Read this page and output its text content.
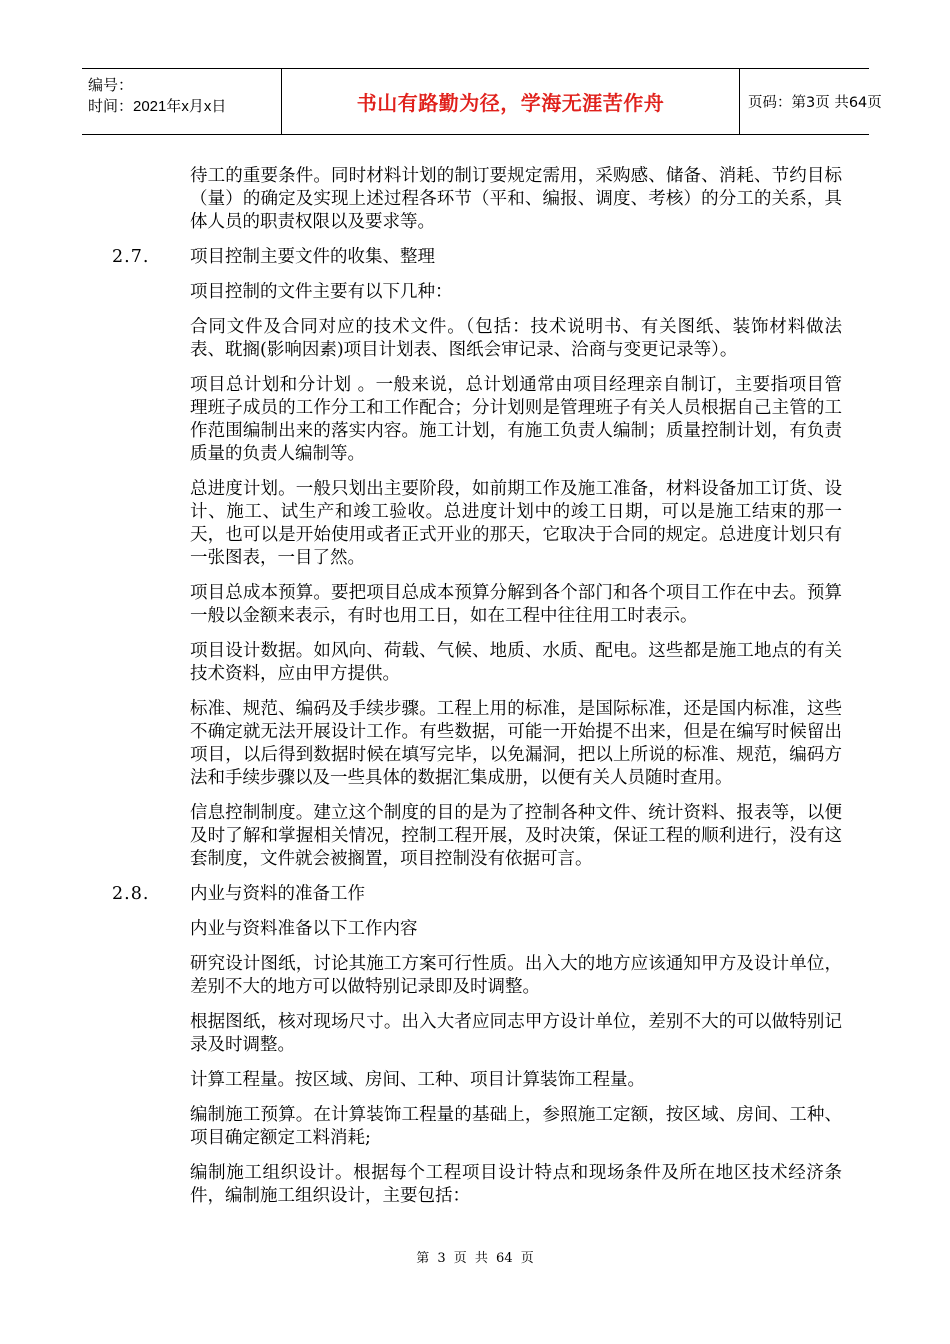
编号：
时间：2021年x月x日	书山有路勤为径，学海无涯苦作舟	页码：第3页 共64页

待工的重要条件。同时材料计划的制订要规定需用，采购感、储备、消耗、节约目标（量）的确定及实现上述过程各环节（平和、编报、调度、考核）的分工的关系，具体人员的职责权限以及要求等。

2.7.	项目控制主要文件的收集、整理

项目控制的文件主要有以下几种：

合同文件及合同对应的技术文件。（包括：技术说明书、有关图纸、装饰材料做法表、耽搁(影响因素)项目计划表、图纸会审记录、洽商与变更记录等）。

项目总计划和分计划 。一般来说，总计划通常由项目经理亲自制订，主要指项目管理班子成员的工作分工和工作配合；分计划则是管理班子有关人员根据自己主管的工作范围编制出来的落实内容。施工计划，有施工负责人编制；质量控制计划，有负责质量的负责人编制等。

总进度计划。一般只划出主要阶段，如前期工作及施工准备，材料设备加工订货、设计、施工、试生产和竣工验收。总进度计划中的竣工日期，可以是施工结束的那一天，也可以是开始使用或者正式开业的那天，它取决于合同的规定。总进度计划只有一张图表，一目了然。

项目总成本预算。要把项目总成本预算分解到各个部门和各个项目工作在中去。预算一般以金额来表示，有时也用工日，如在工程中往往用工时表示。

项目设计数据。如风向、荷载、气候、地质、水质、配电。这些都是施工地点的有关技术资料，应由甲方提供。

标准、规范、编码及手续步骤。工程上用的标准，是国际标准，还是国内标准，这些不确定就无法开展设计工作。有些数据，可能一开始提不出来，但是在编写时候留出项目，以后得到数据时候在填写完毕，以免漏洞，把以上所说的标准、规范，编码方法和手续步骤以及一些具体的数据汇集成册，以便有关人员随时查用。

信息控制制度。建立这个制度的目的是为了控制各种文件、统计资料、报表等，以便及时了解和掌握相关情况，控制工程开展，及时决策，保证工程的顺利进行，没有这套制度，文件就会被搁置，项目控制没有依据可言。

2.8.	内业与资料的准备工作

内业与资料准备以下工作内容

研究设计图纸，讨论其施工方案可行性质。出入大的地方应该通知甲方及设计单位，差别不大的地方可以做特别记录即及时调整。

根据图纸，核对现场尺寸。出入大者应同志甲方设计单位，差别不大的可以做特别记录及时调整。

计算工程量。按区域、房间、工种、项目计算装饰工程量。

编制施工预算。在计算装饰工程量的基础上，参照施工定额，按区域、房间、工种、项目确定额定工料消耗;

编制施工组织设计。根据每个工程项目设计特点和现场条件及所在地区技术经济条件，编制施工组织设计，主要包括：

第 3 页 共 64 页
